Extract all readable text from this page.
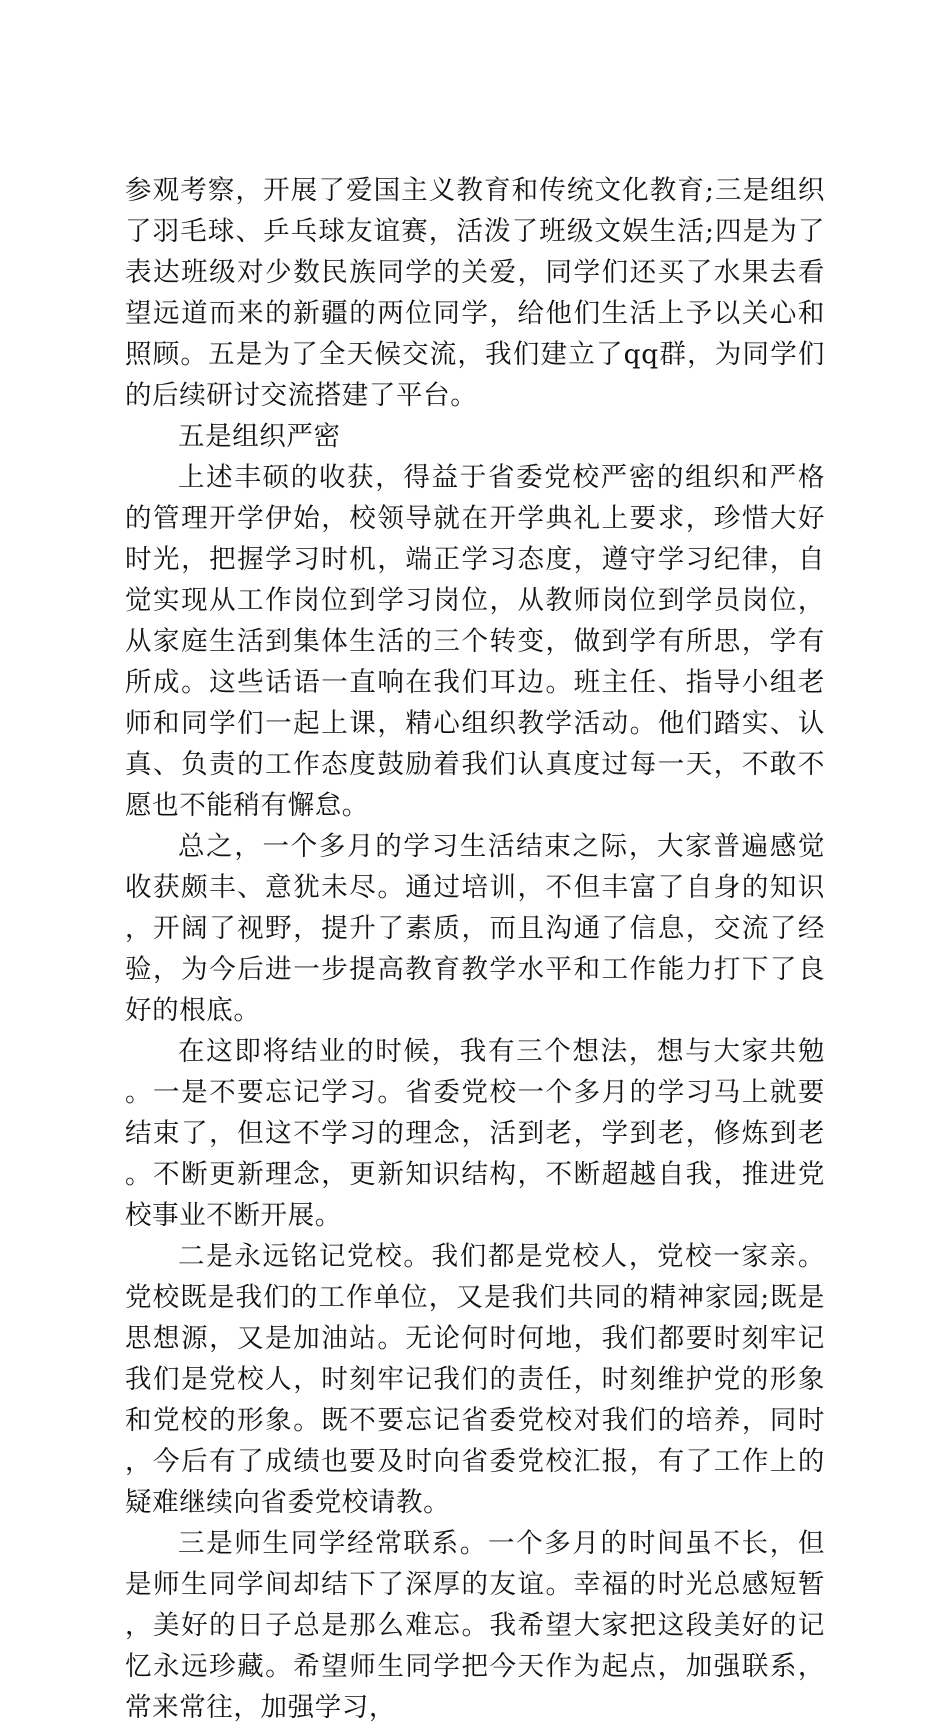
参观考察，开展了爱国主义教育和传统文化教育;三是组织了羽毛球、乒乓球友谊赛，活泼了班级文娱生活;四是为了表达班级对少数民族同学的关爱，同学们还买了水果去看望远道而来的新疆的两位同学，给他们生活上予以关心和照顾。五是为了全天候交流，我们建立了qq群，为同学们的后续研讨交流搭建了平台。

五是组织严密

上述丰硕的收获，得益于省委党校严密的组织和严格的管理开学伊始，校领导就在开学典礼上要求，珍惜大好时光，把握学习时机，端正学习态度，遵守学习纪律，自觉实现从工作岗位到学习岗位，从教师岗位到学员岗位，从家庭生活到集体生活的三个转变，做到学有所思，学有所成。这些话语一直响在我们耳边。班主任、指导小组老师和同学们一起上课，精心组织教学活动。他们踏实、认真、负责的工作态度鼓励着我们认真度过每一天，不敢不愿也不能稍有懈怠。

总之，一个多月的学习生活结束之际，大家普遍感觉收获颇丰、意犹未尽。通过培训，不但丰富了自身的知识，开阔了视野，提升了素质，而且沟通了信息，交流了经验，为今后进一步提高教育教学水平和工作能力打下了良好的根底。

在这即将结业的时候，我有三个想法，想与大家共勉。一是不要忘记学习。省委党校一个多月的学习马上就要结束了，但这不学习的理念，活到老，学到老，修炼到老。不断更新理念，更新知识结构，不断超越自我，推进党校事业不断开展。

二是永远铭记党校。我们都是党校人，党校一家亲。党校既是我们的工作单位，又是我们共同的精神家园;既是思想源，又是加油站。无论何时何地，我们都要时刻牢记我们是党校人，时刻牢记我们的责任，时刻维护党的形象和党校的形象。既不要忘记省委党校对我们的培养，同时，今后有了成绩也要及时向省委党校汇报，有了工作上的疑难继续向省委党校请教。

三是师生同学经常联系。一个多月的时间虽不长，但是师生同学间却结下了深厚的友谊。幸福的时光总感短暂，美好的日子总是那么难忘。我希望大家把这段美好的记忆永远珍藏。希望师生同学把今天作为起点，加强联系，常来常往，加强学习，
